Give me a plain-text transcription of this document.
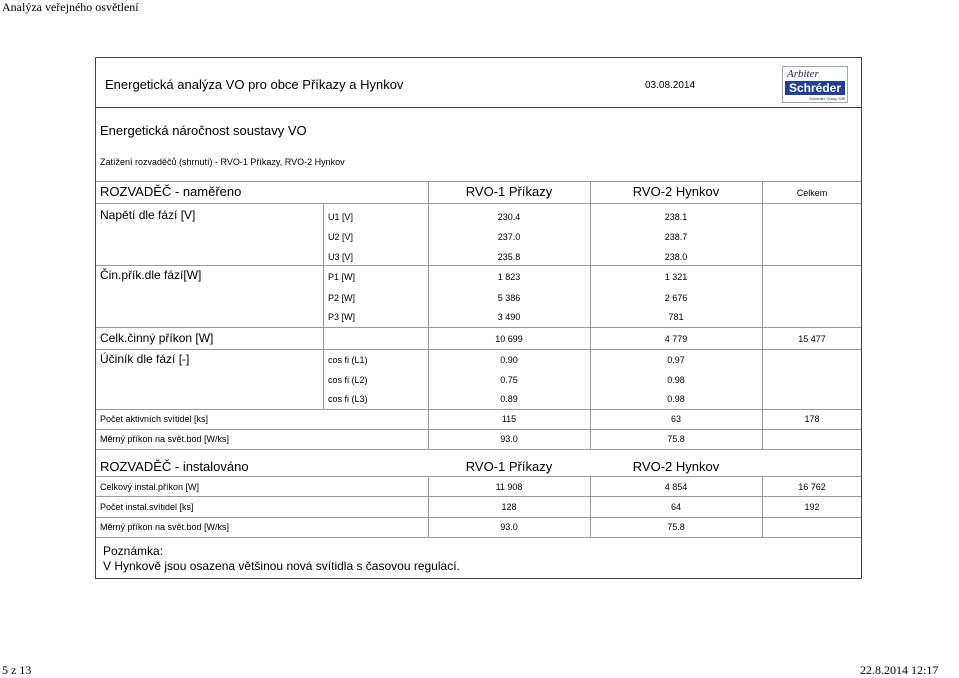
Analýza veřejného osvětlení
5 z 13	22.8.2014 12:17
Energetická analýza VO pro obce Příkazy a Hynkov	03.08.2014
Arbiter
Schréder
Schréder Group GIE
Energetická náročnost soustavy VO
Zatížení rozvaděčů (shrnutí) - RVO-1 Příkazy, RVO-2 Hynkov
ROZVADĚČ - naměřeno	RVO-1 Příkazy	RVO-2 Hynkov	Celkem
Napětí dle fází [V]	U1 [V]	230.4	238.1
U2 [V]	237.0	238.7
U3 [V]	235.8	238.0
Čin.přík.dle fází[W]	P1 [W]	1 823	1 321
P2 [W]	5 386	2 676
P3 [W]	3 490	781
Celk.činný příkon [W]	10 699	4 779	15 477
Účiník dle fází [-]	cos fi (L1)	0.90	0.97
cos fi (L2)	0.75	0.98
cos fi (L3)	0.89	0.98
Počet aktivních svítidel [ks]	115	63	178
Měrný příkon na svět.bod [W/ks]	93.0	75.8
ROZVADĚČ - instalováno	RVO-1 Příkazy	RVO-2 Hynkov
Celkový instal.příkon [W]	11 908	4 854	16 762
Počet instal.svítidel [ks]	128	64	192
Měrný příkon na svět.bod [W/ks]	93.0	75.8
Poznámka:
V Hynkově jsou osazena většinou nová svítidla s časovou regulací.
